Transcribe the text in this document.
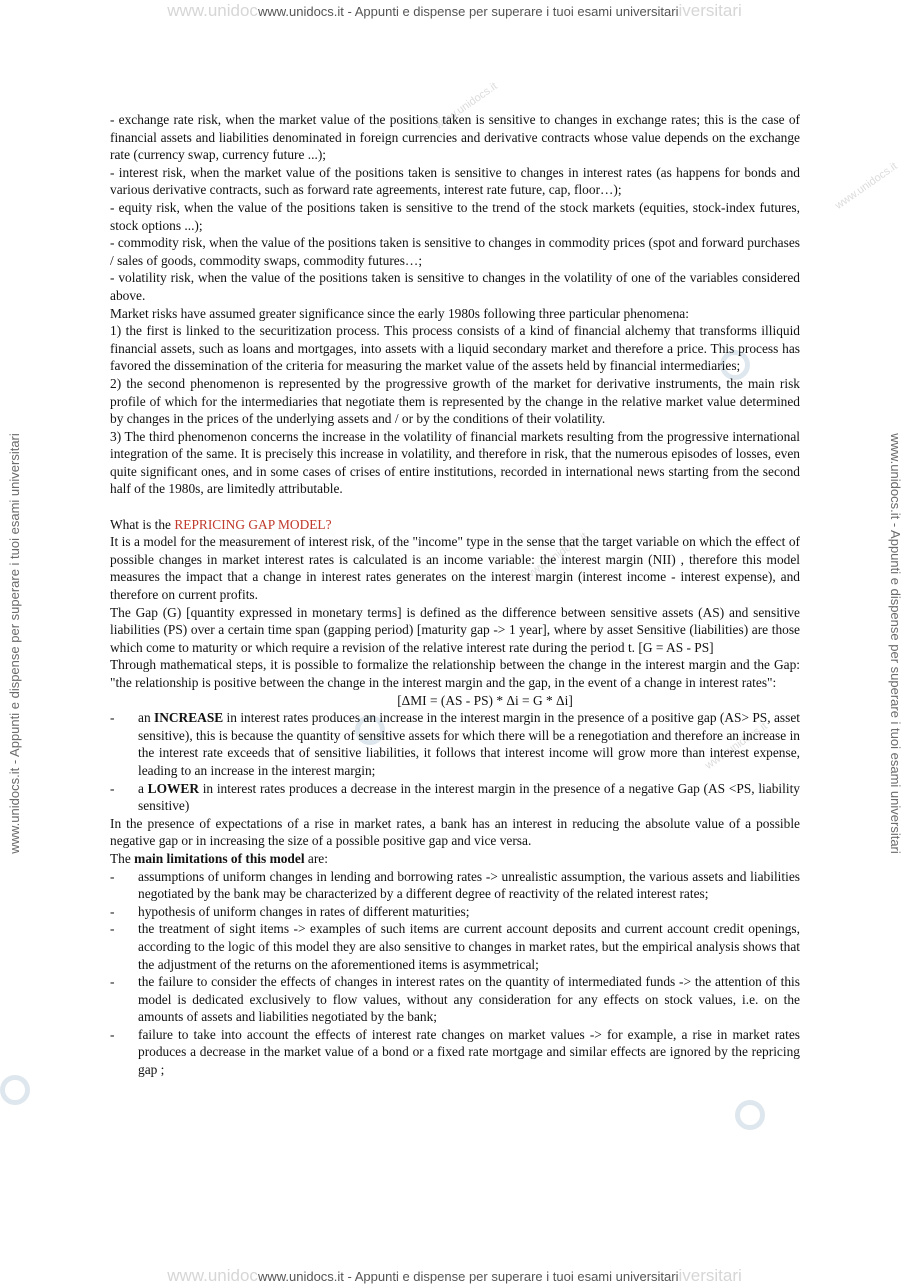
www.unidocwww.unidocs.it - Appunti e dispense per superare i tuoi esami universitariiversitari
www.unidocwww.unidocs.it - Appunti e dispense per superare i tuoi esami universitariiversitari
www.unidocs.it - Appunti e dispense per superare i tuoi esami universitari	www.unidocs.it - Appunti e dispense per superare i tuoi esami universitari
www.unidocs.it
www.unidocs.it
www.unidocs.it
www.unidocs.it

- exchange rate risk, when the market value of the positions taken is sensitive to changes in exchange rates; this is the case of financial assets and liabilities denominated in foreign currencies and derivative contracts whose value depends on the exchange rate (currency swap, currency future ...);

- interest risk, when the market value of the positions taken is sensitive to changes in interest rates (as happens for bonds and various derivative contracts, such as forward rate agreements, interest rate future, cap, floor…);

- equity risk, when the value of the positions taken is sensitive to the trend of the stock markets (equities, stock-index futures, stock options ...);

- commodity risk, when the value of the positions taken is sensitive to changes in commodity prices (spot and forward purchases / sales of goods, commodity swaps, commodity futures…;

- volatility risk, when the value of the positions taken is sensitive to changes in the volatility of one of the variables considered above.

Market risks have assumed greater significance since the early 1980s following three particular phenomena:

1) the first is linked to the securitization process. This process consists of a kind of financial alchemy that transforms illiquid financial assets, such as loans and mortgages, into assets with a liquid secondary market and therefore a price. This process has favored the dissemination of the criteria for measuring the market value of the assets held by financial intermediaries;

2) the second phenomenon is represented by the progressive growth of the market for derivative instruments, the main risk profile of which for the intermediaries that negotiate them is represented by the change in the relative market value determined by changes in the prices of the underlying assets and / or by the conditions of their volatility.

3) The third phenomenon concerns the increase in the volatility of financial markets resulting from the progressive international integration of the same. It is precisely this increase in volatility, and therefore in risk, that the numerous episodes of losses, even quite significant ones, and in some cases of crises of entire institutions, recorded in international news starting from the second half of the 1980s, are limitedly attributable.

What is the REPRICING GAP MODEL?

It is a model for the measurement of interest risk, of the "income" type in the sense that the target variable on which the effect of possible changes in market interest rates is calculated is an income variable: the interest margin (NII) , therefore this model measures the impact that a change in interest rates generates on the interest margin (interest income - interest expense), and therefore on current profits.

The Gap (G) [quantity expressed in monetary terms] is defined as the difference between sensitive assets (AS) and sensitive liabilities (PS) over a certain time span (gapping period) [maturity gap -> 1 year], where by asset Sensitive (liabilities) are those which come to maturity or which require a revision of the relative interest rate during the period t. [G = AS - PS]

Through mathematical steps, it is possible to formalize the relationship between the change in the interest margin and the Gap: "the relationship is positive between the change in the interest margin and the gap, in the event of a change in interest rates":

[ΔMI = (AS - PS) * Δi = G * Δi]

- an INCREASE in interest rates produces an increase in the interest margin in the presence of a positive gap (AS> PS, asset sensitive), this is because the quantity of sensitive assets for which there will be a renegotiation and therefore an increase in the interest rate exceeds that of sensitive liabilities, it follows that interest income will grow more than interest expense, leading to an increase in the interest margin;
- a LOWER in interest rates produces a decrease in the interest margin in the presence of a negative Gap (AS <PS, liability sensitive)

In the presence of expectations of a rise in market rates, a bank has an interest in reducing the absolute value of a possible negative gap or in increasing the size of a possible positive gap and vice versa.

The main limitations of this model are:

- assumptions of uniform changes in lending and borrowing rates -> unrealistic assumption, the various assets and liabilities negotiated by the bank may be characterized by a different degree of reactivity of the related interest rates;
- hypothesis of uniform changes in rates of different maturities;
- the treatment of sight items -> examples of such items are current account deposits and current account credit openings, according to the logic of this model they are also sensitive to changes in market rates, but the empirical analysis shows that the adjustment of the returns on the aforementioned items is asymmetrical;
- the failure to consider the effects of changes in interest rates on the quantity of intermediated funds -> the attention of this model is dedicated exclusively to flow values, without any consideration for any effects on stock values, i.e. on the amounts of assets and liabilities negotiated by the bank;
- failure to take into account the effects of interest rate changes on market values -> for example, a rise in market rates produces a decrease in the market value of a bond or a fixed rate mortgage and similar effects are ignored by the repricing gap ;
